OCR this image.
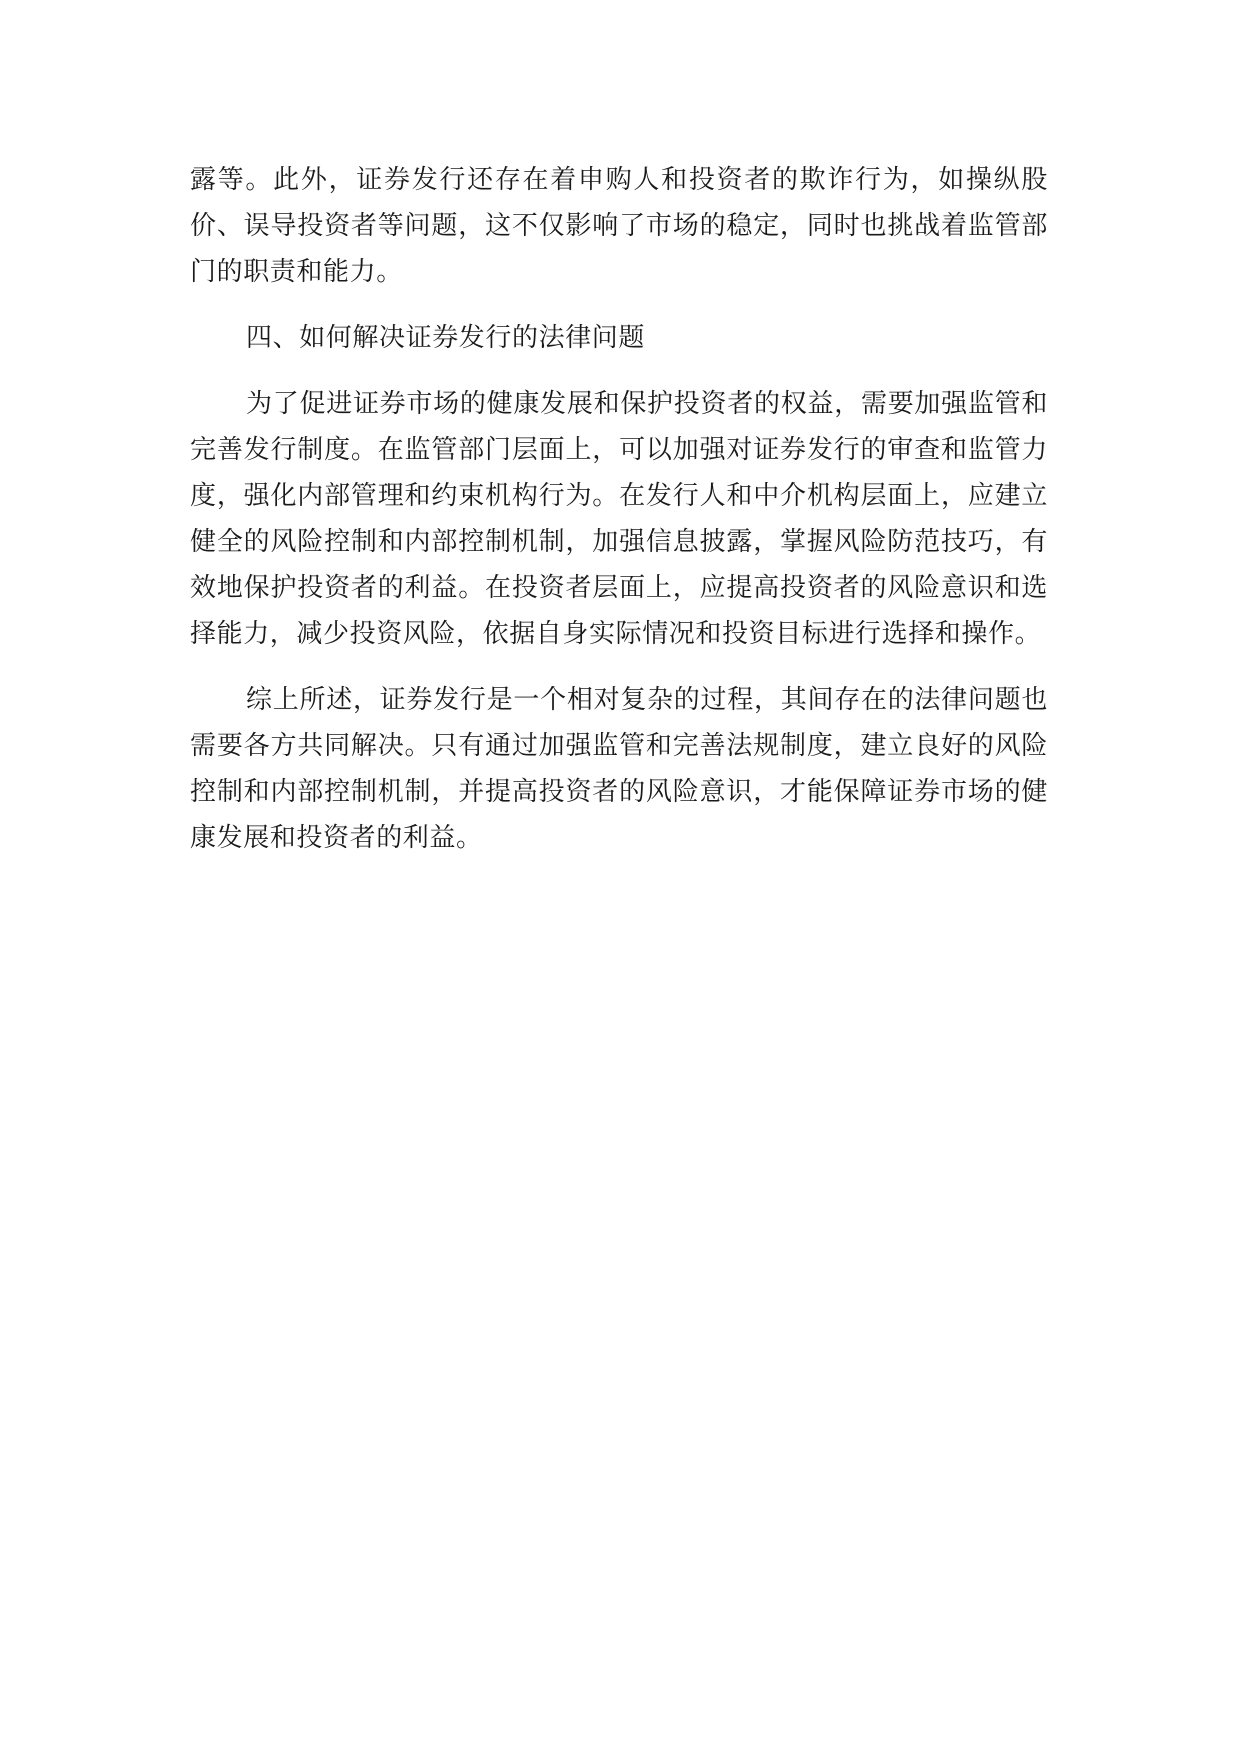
露等。此外，证券发行还存在着申购人和投资者的欺诈行为，如操纵股价、误导投资者等问题，这不仅影响了市场的稳定，同时也挑战着监管部门的职责和能力。

四、如何解决证券发行的法律问题

为了促进证券市场的健康发展和保护投资者的权益，需要加强监管和完善发行制度。在监管部门层面上，可以加强对证券发行的审查和监管力度，强化内部管理和约束机构行为。在发行人和中介机构层面上，应建立健全的风险控制和内部控制机制，加强信息披露，掌握风险防范技巧，有效地保护投资者的利益。在投资者层面上，应提高投资者的风险意识和选择能力，减少投资风险，依据自身实际情况和投资目标进行选择和操作。

综上所述，证券发行是一个相对复杂的过程，其间存在的法律问题也需要各方共同解决。只有通过加强监管和完善法规制度，建立良好的风险控制和内部控制机制，并提高投资者的风险意识，才能保障证券市场的健康发展和投资者的利益。
